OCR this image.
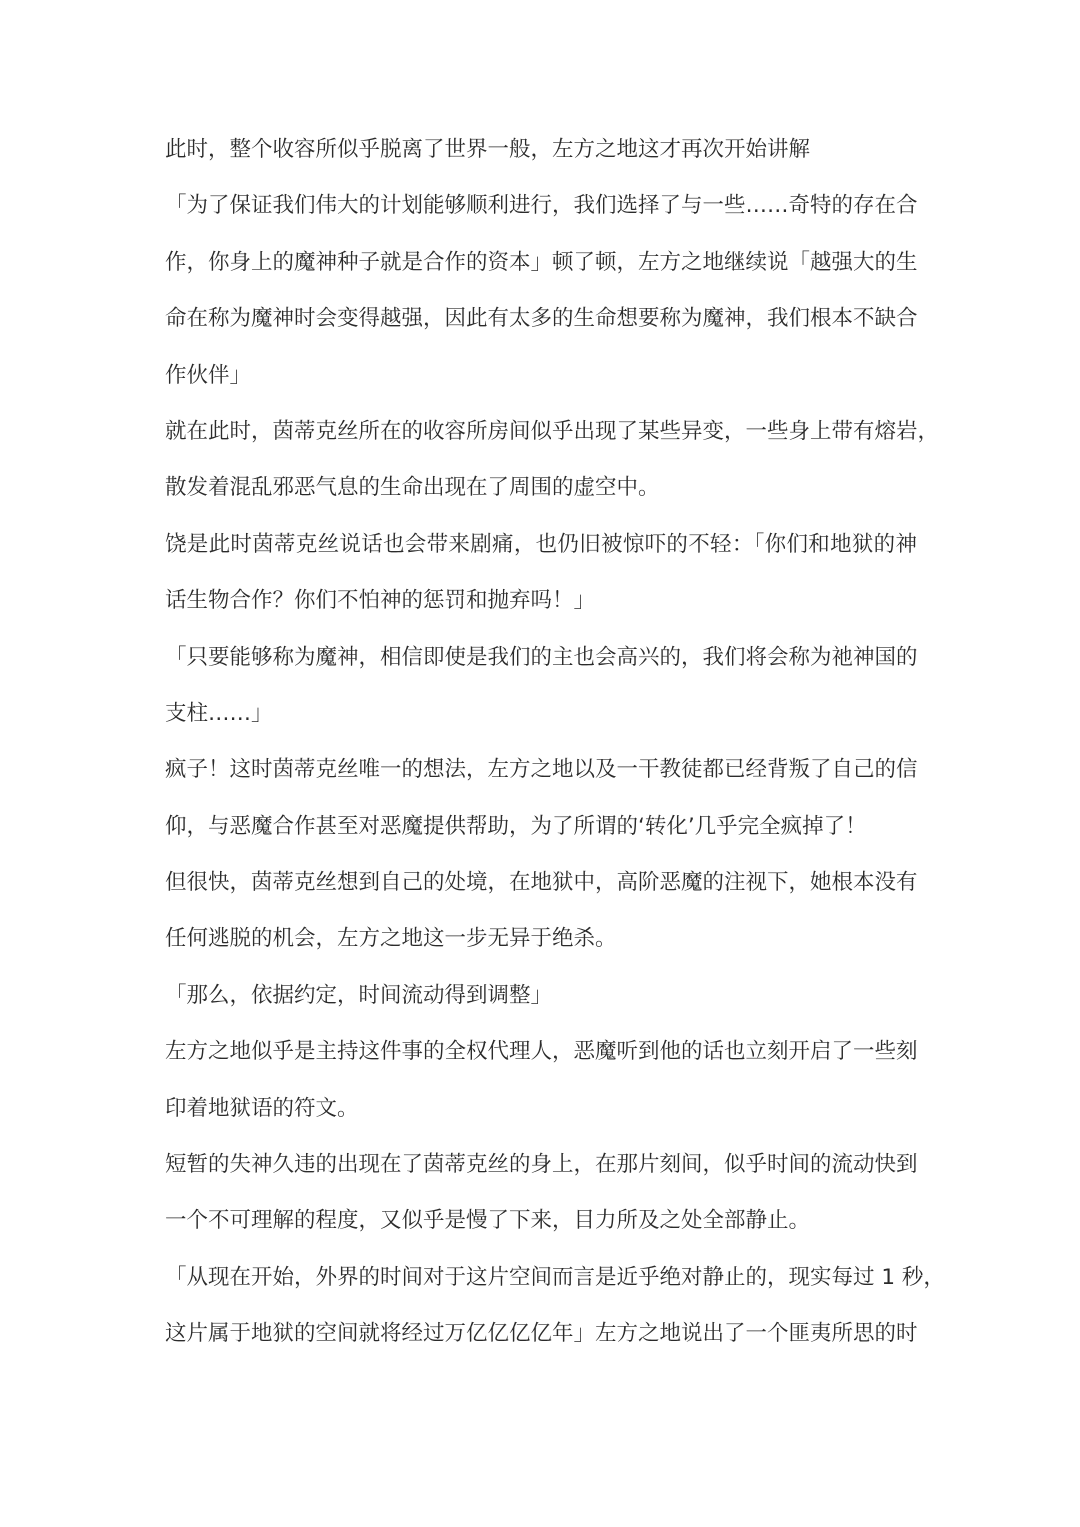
此时，整个收容所似乎脱离了世界一般，左方之地这才再次开始讲解
「为了保证我们伟大的计划能够顺利进行，我们选择了与一些……奇特的存在合
作，你身上的魔神种子就是合作的资本」顿了顿，左方之地继续说「越强大的生
命在称为魔神时会变得越强，因此有太多的生命想要称为魔神，我们根本不缺合
作伙伴」
就在此时，茵蒂克丝所在的收容所房间似乎出现了某些异变，一些身上带有熔岩，
散发着混乱邪恶气息的生命出现在了周围的虚空中。
饶是此时茵蒂克丝说话也会带来剧痛，也仍旧被惊吓的不轻：「你们和地狱的神
话生物合作？你们不怕神的惩罚和抛弃吗！」
「只要能够称为魔神，相信即使是我们的主也会高兴的，我们将会称为祂神国的
支柱……」
疯子！这时茵蒂克丝唯一的想法，左方之地以及一干教徒都已经背叛了自己的信
仰，与恶魔合作甚至对恶魔提供帮助，为了所谓的‘转化’几乎完全疯掉了！
但很快，茵蒂克丝想到自己的处境，在地狱中，高阶恶魔的注视下，她根本没有
任何逃脱的机会，左方之地这一步无异于绝杀。
「那么，依据约定，时间流动得到调整」
左方之地似乎是主持这件事的全权代理人，恶魔听到他的话也立刻开启了一些刻
印着地狱语的符文。
短暂的失神久违的出现在了茵蒂克丝的身上，在那片刻间，似乎时间的流动快到
一个不可理解的程度，又似乎是慢了下来，目力所及之处全部静止。
「从现在开始，外界的时间对于这片空间而言是近乎绝对静止的，现实每过 1 秒，
这片属于地狱的空间就将经过万亿亿亿亿年」左方之地说出了一个匪夷所思的时
